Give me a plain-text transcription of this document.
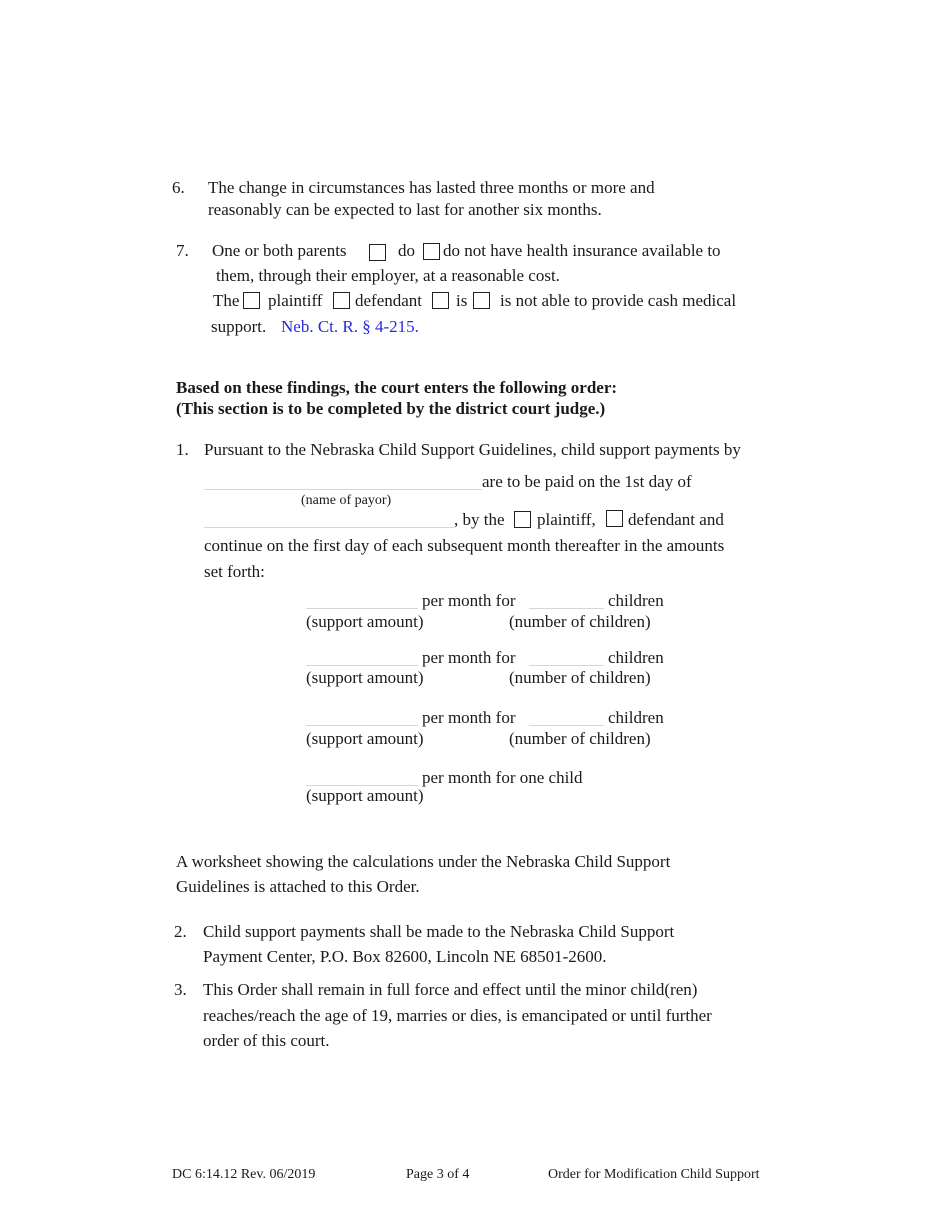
6. The change in circumstances has lasted three months or more and
reasonably can be expected to last for another six months.
7. One or both parents	do do not have health insurance available to
them, through their employer, at a reasonable cost.
The plaintiff defendant is is not able to provide cash medical
support. Neb. Ct. R. § 4-215.
Based on these findings, the court enters the following order:
(This section is to be completed by the district court judge.)
1. Pursuant to the Nebraska Child Support Guidelines, child support payments by
are to be paid on the 1st day of
(name of payor)
, by the plaintiff, defendant and
continue on the first day of each subsequent month thereafter in the amounts
set forth:
per month for	children
(support amount)	(number of children)
per month for	children
(support amount)	(number of children)
per month for	children
(support amount)	(number of children)
per month for one child
(support amount)
A worksheet showing the calculations under the Nebraska Child Support
Guidelines is attached to this Order.
2. Child support payments shall be made to the Nebraska Child Support
Payment Center, P.O. Box 82600, Lincoln NE 68501-2600.
3. This Order shall remain in full force and effect until the minor child(ren)
reaches/reach the age of 19, marries or dies, is emancipated or until further
order of this court.
DC 6:14.12 Rev. 06/2019	Page 3 of 4	Order for Modification Child Support
